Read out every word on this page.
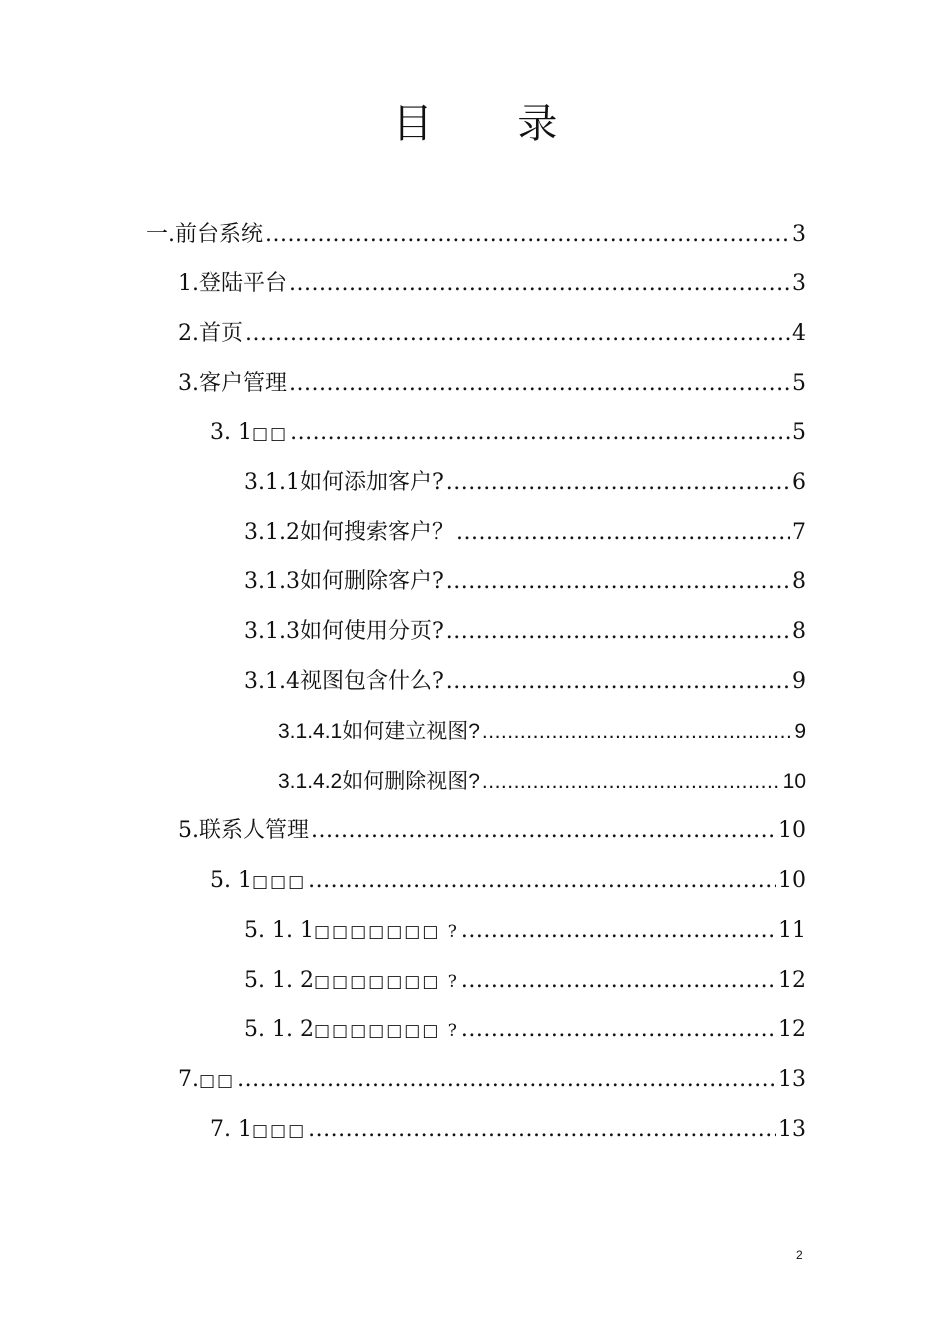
目 录
一. 前台系统 .....	3
1. 登陆平台 .....	3
2. 首页 .....	4
3. 客户管理 .....	5
3. 1 □□ .....	5
3.1.1 如何添加客户? .....	6
3.1.2 如何搜索客户？ .....	7
3.1.3 如何删除客户? .....	8
3.1.3 如何使用分页? .....	8
3.1.4 视图包含什么? .....	9
3.1.4.1 如何建立视图? .....	9
3.1.4.2 如何删除视图? .....	10
5. 联系人管理 .....	10
5. 1 □□□ .....	10
5. 1. 1 □□□□□□□ ? .....	11
5. 1. 2 □□□□□□□ ? .....	12
5. 1. 2 □□□□□□□ ? .....	12
7. □□ .....	13
7. 1 □□□ .....	13
2
